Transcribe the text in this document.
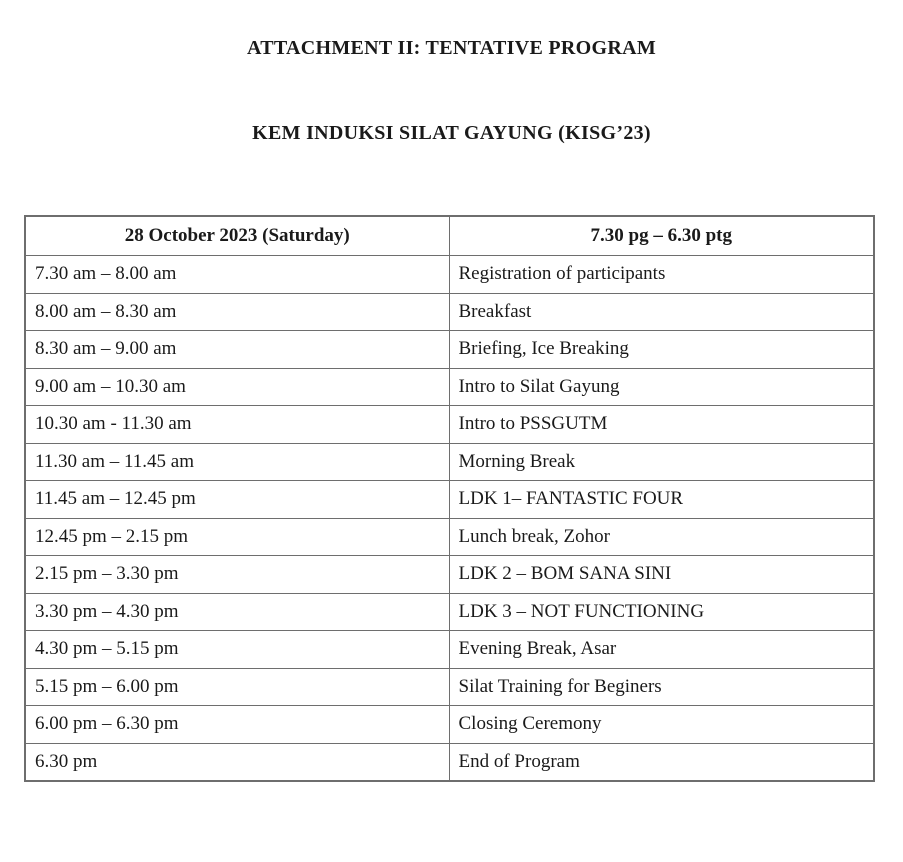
ATTACHMENT II: TENTATIVE PROGRAM
KEM INDUKSI SILAT GAYUNG (KISG’23)
28 October 2023 (Saturday)	7.30 pg – 6.30 ptg
7.30 am – 8.00 am	Registration of participants
8.00 am – 8.30 am	Breakfast
8.30 am – 9.00 am	Briefing, Ice Breaking
9.00 am – 10.30 am	Intro to Silat Gayung
10.30 am - 11.30 am	Intro to PSSGUTM
11.30 am – 11.45 am	Morning Break
11.45 am – 12.45 pm	LDK 1– FANTASTIC FOUR
12.45 pm – 2.15 pm	Lunch break, Zohor
2.15 pm – 3.30 pm	LDK 2 – BOM SANA SINI
3.30 pm – 4.30 pm	LDK 3 – NOT FUNCTIONING
4.30 pm – 5.15 pm	Evening Break, Asar
5.15 pm – 6.00 pm	Silat Training for Beginers
6.00 pm – 6.30 pm	Closing Ceremony
6.30 pm	End of Program
